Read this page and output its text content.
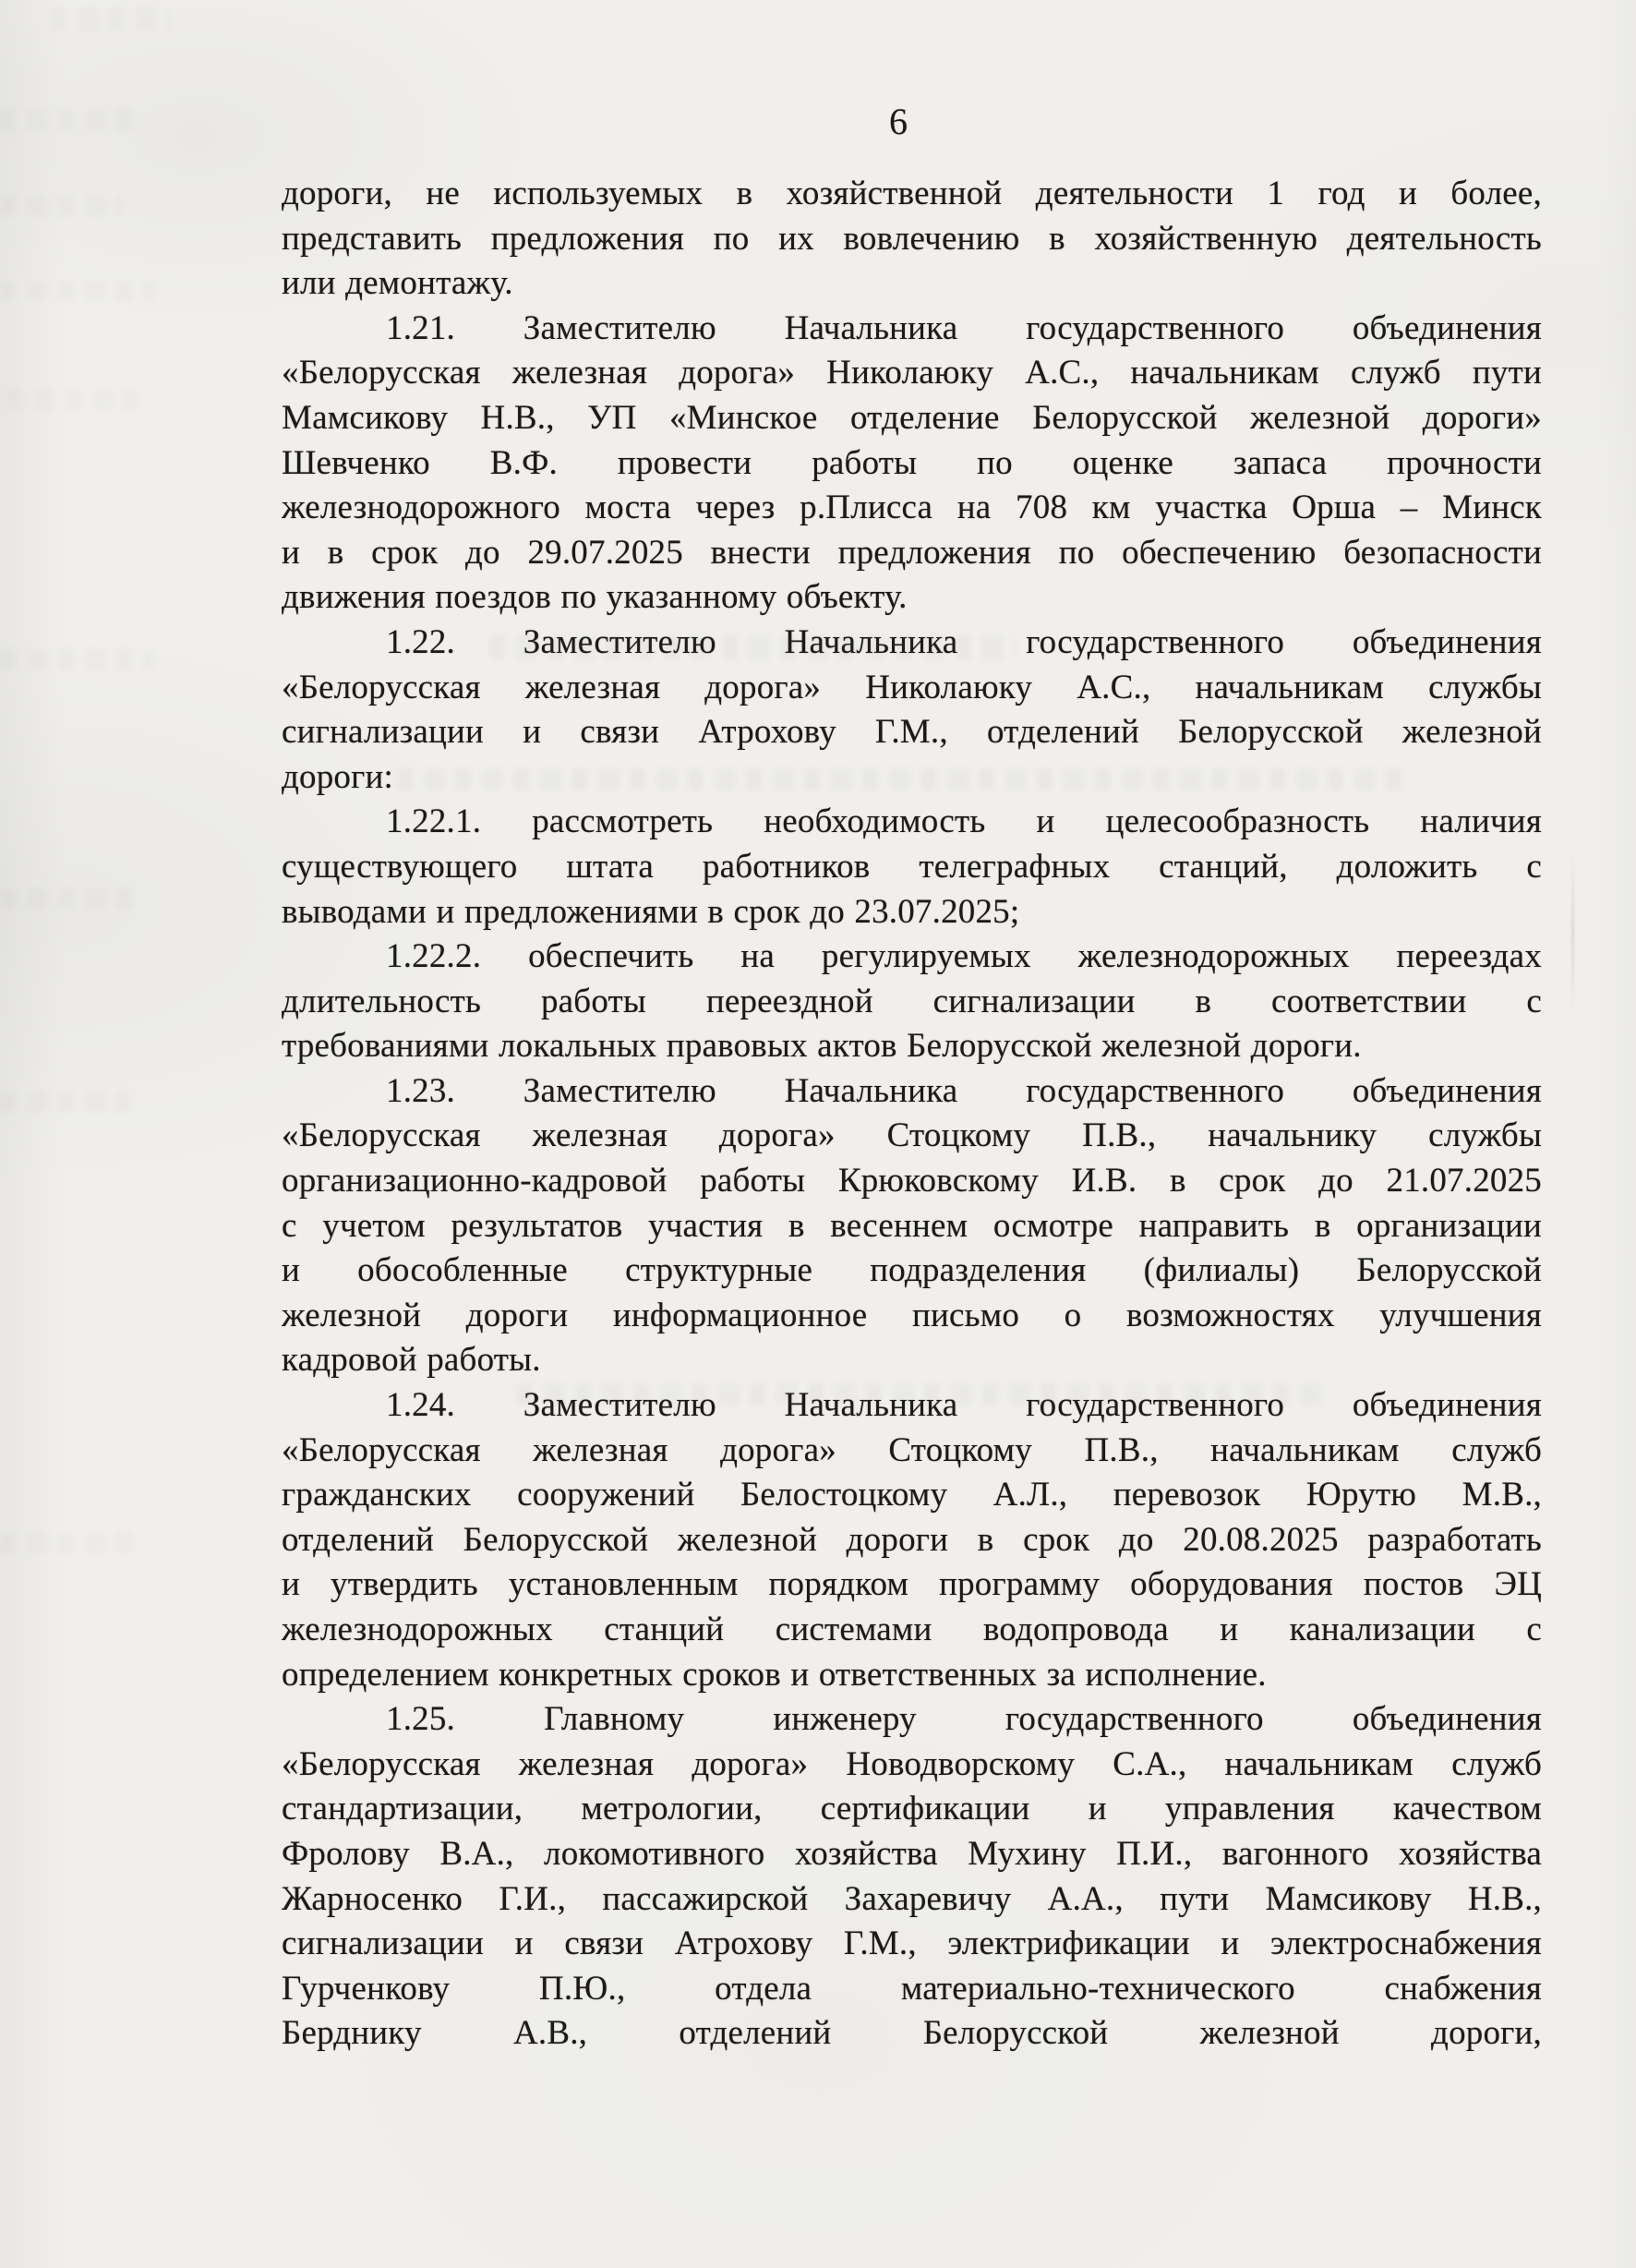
6
дороги, не используемых в хозяйственной деятельности 1 год и более,
представить предложения по их вовлечению в хозяйственную деятельность
или демонтажу.
1.21. Заместителю Начальника государственного объединения
«Белорусская железная дорога» Николаюку А.С., начальникам служб пути
Мамсикову Н.В., УП «Минское отделение Белорусской железной дороги»
Шевченко В.Ф. провести работы по оценке запаса прочности
железнодорожного моста через р.Плисса на 708 км участка Орша – Минск
и в срок до 29.07.2025 внести предложения по обеспечению безопасности
движения поездов по указанному объекту.
1.22. Заместителю Начальника государственного объединения
«Белорусская железная дорога» Николаюку А.С., начальникам службы
сигнализации и связи Атрохову Г.М., отделений Белорусской железной
дороги:
1.22.1. рассмотреть необходимость и целесообразность наличия
существующего штата работников телеграфных станций, доложить с
выводами и предложениями в срок до 23.07.2025;
1.22.2. обеспечить на регулируемых железнодорожных переездах
длительность работы переездной сигнализации в соответствии с
требованиями локальных правовых актов Белорусской железной дороги.
1.23. Заместителю Начальника государственного объединения
«Белорусская железная дорога» Стоцкому П.В., начальнику службы
организационно-кадровой работы Крюковскому И.В. в срок до 21.07.2025
с учетом результатов участия в весеннем осмотре направить в организации
и обособленные структурные подразделения (филиалы) Белорусской
железной дороги информационное письмо о возможностях улучшения
кадровой работы.
1.24. Заместителю Начальника государственного объединения
«Белорусская железная дорога» Стоцкому П.В., начальникам служб
гражданских сооружений Белостоцкому А.Л., перевозок Юрутю М.В.,
отделений Белорусской железной дороги в срок до 20.08.2025 разработать
и утвердить установленным порядком программу оборудования постов ЭЦ
железнодорожных станций системами водопровода и канализации с
определением конкретных сроков и ответственных за исполнение.
1.25. Главному инженеру государственного объединения
«Белорусская железная дорога» Новодворскому С.А., начальникам служб
стандартизации, метрологии, сертификации и управления качеством
Фролову В.А., локомотивного хозяйства Мухину П.И., вагонного хозяйства
Жарносенко Г.И., пассажирской Захаревичу А.А., пути Мамсикову Н.В.,
сигнализации и связи Атрохову Г.М., электрификации и электроснабжения
Гурченкову П.Ю., отдела материально-технического снабжения
Берднику А.В., отделений Белорусской железной дороги,
